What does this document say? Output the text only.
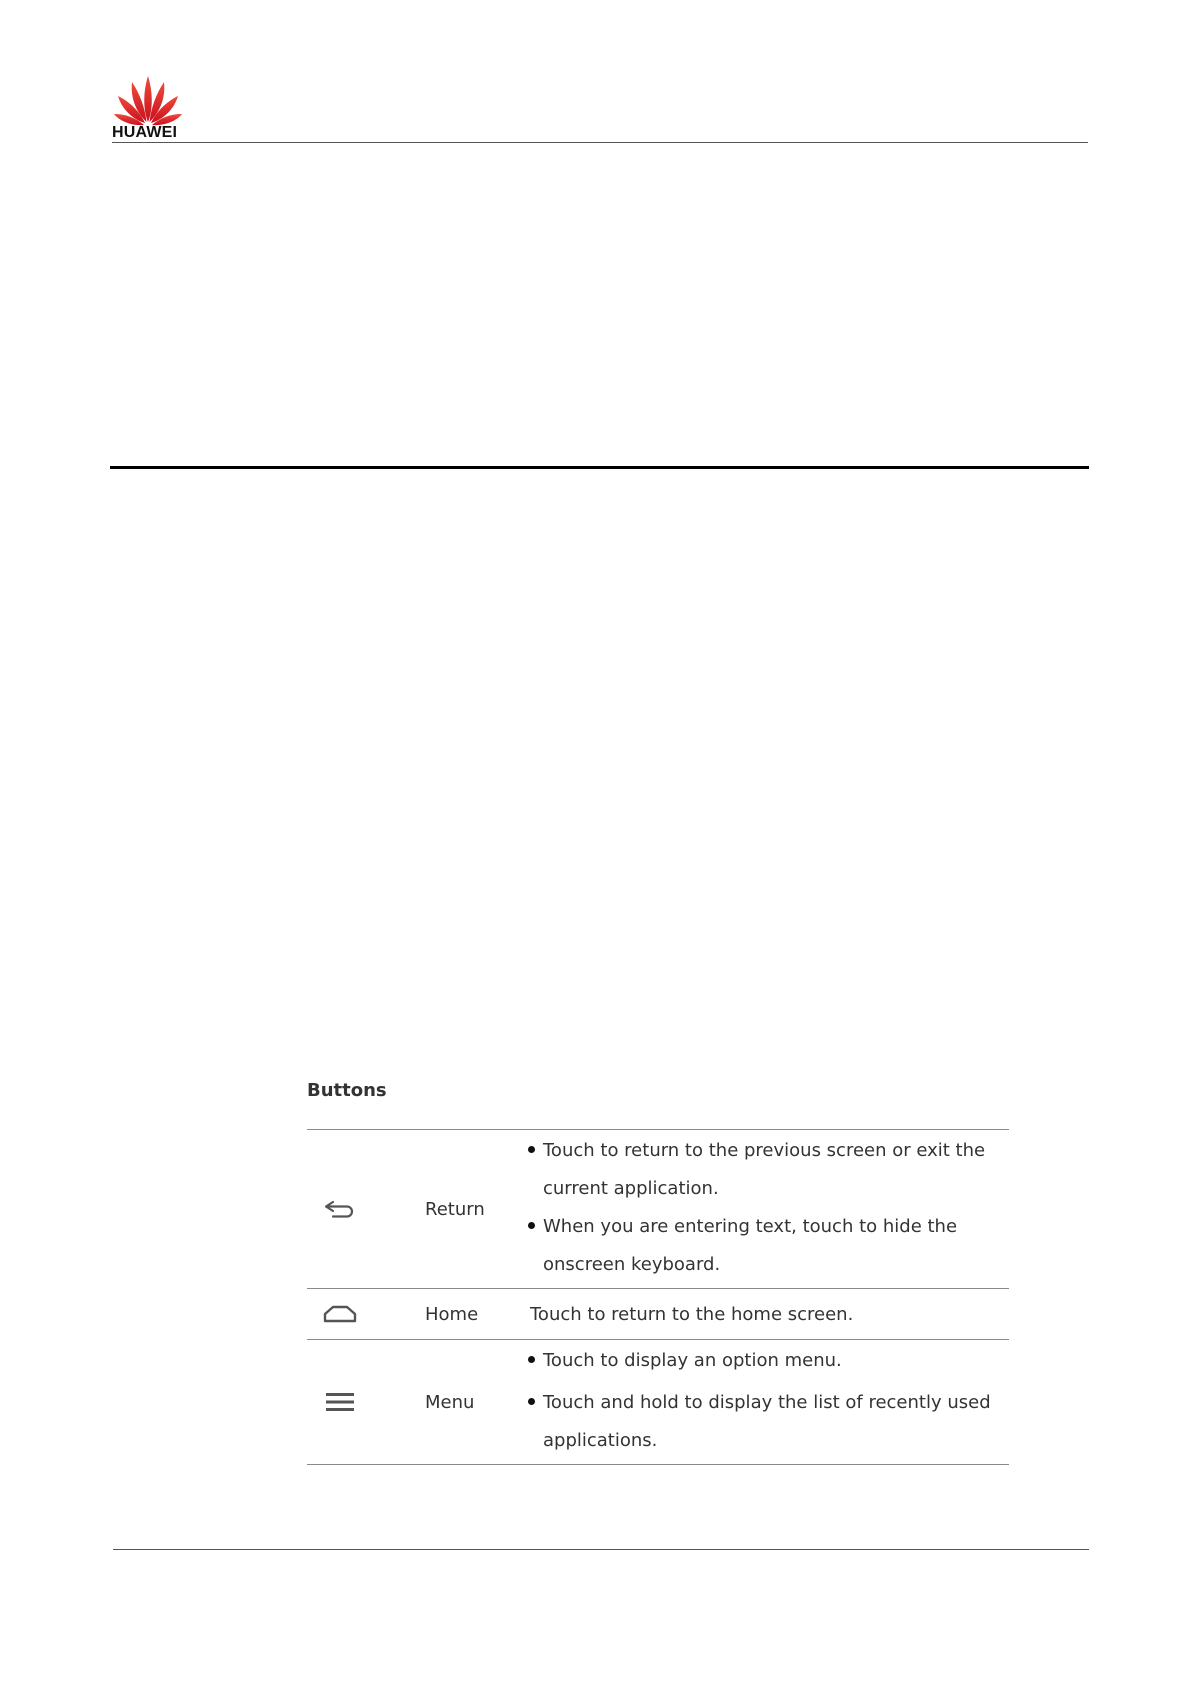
HUAWEI
Buttons
Return
Touch to return to the previous screen or exit the current application.
When you are entering text, touch to hide the onscreen keyboard.
Home	Touch to return to the home screen.
Menu
Touch to display an option menu.
Touch and hold to display the list of recently used applications.
